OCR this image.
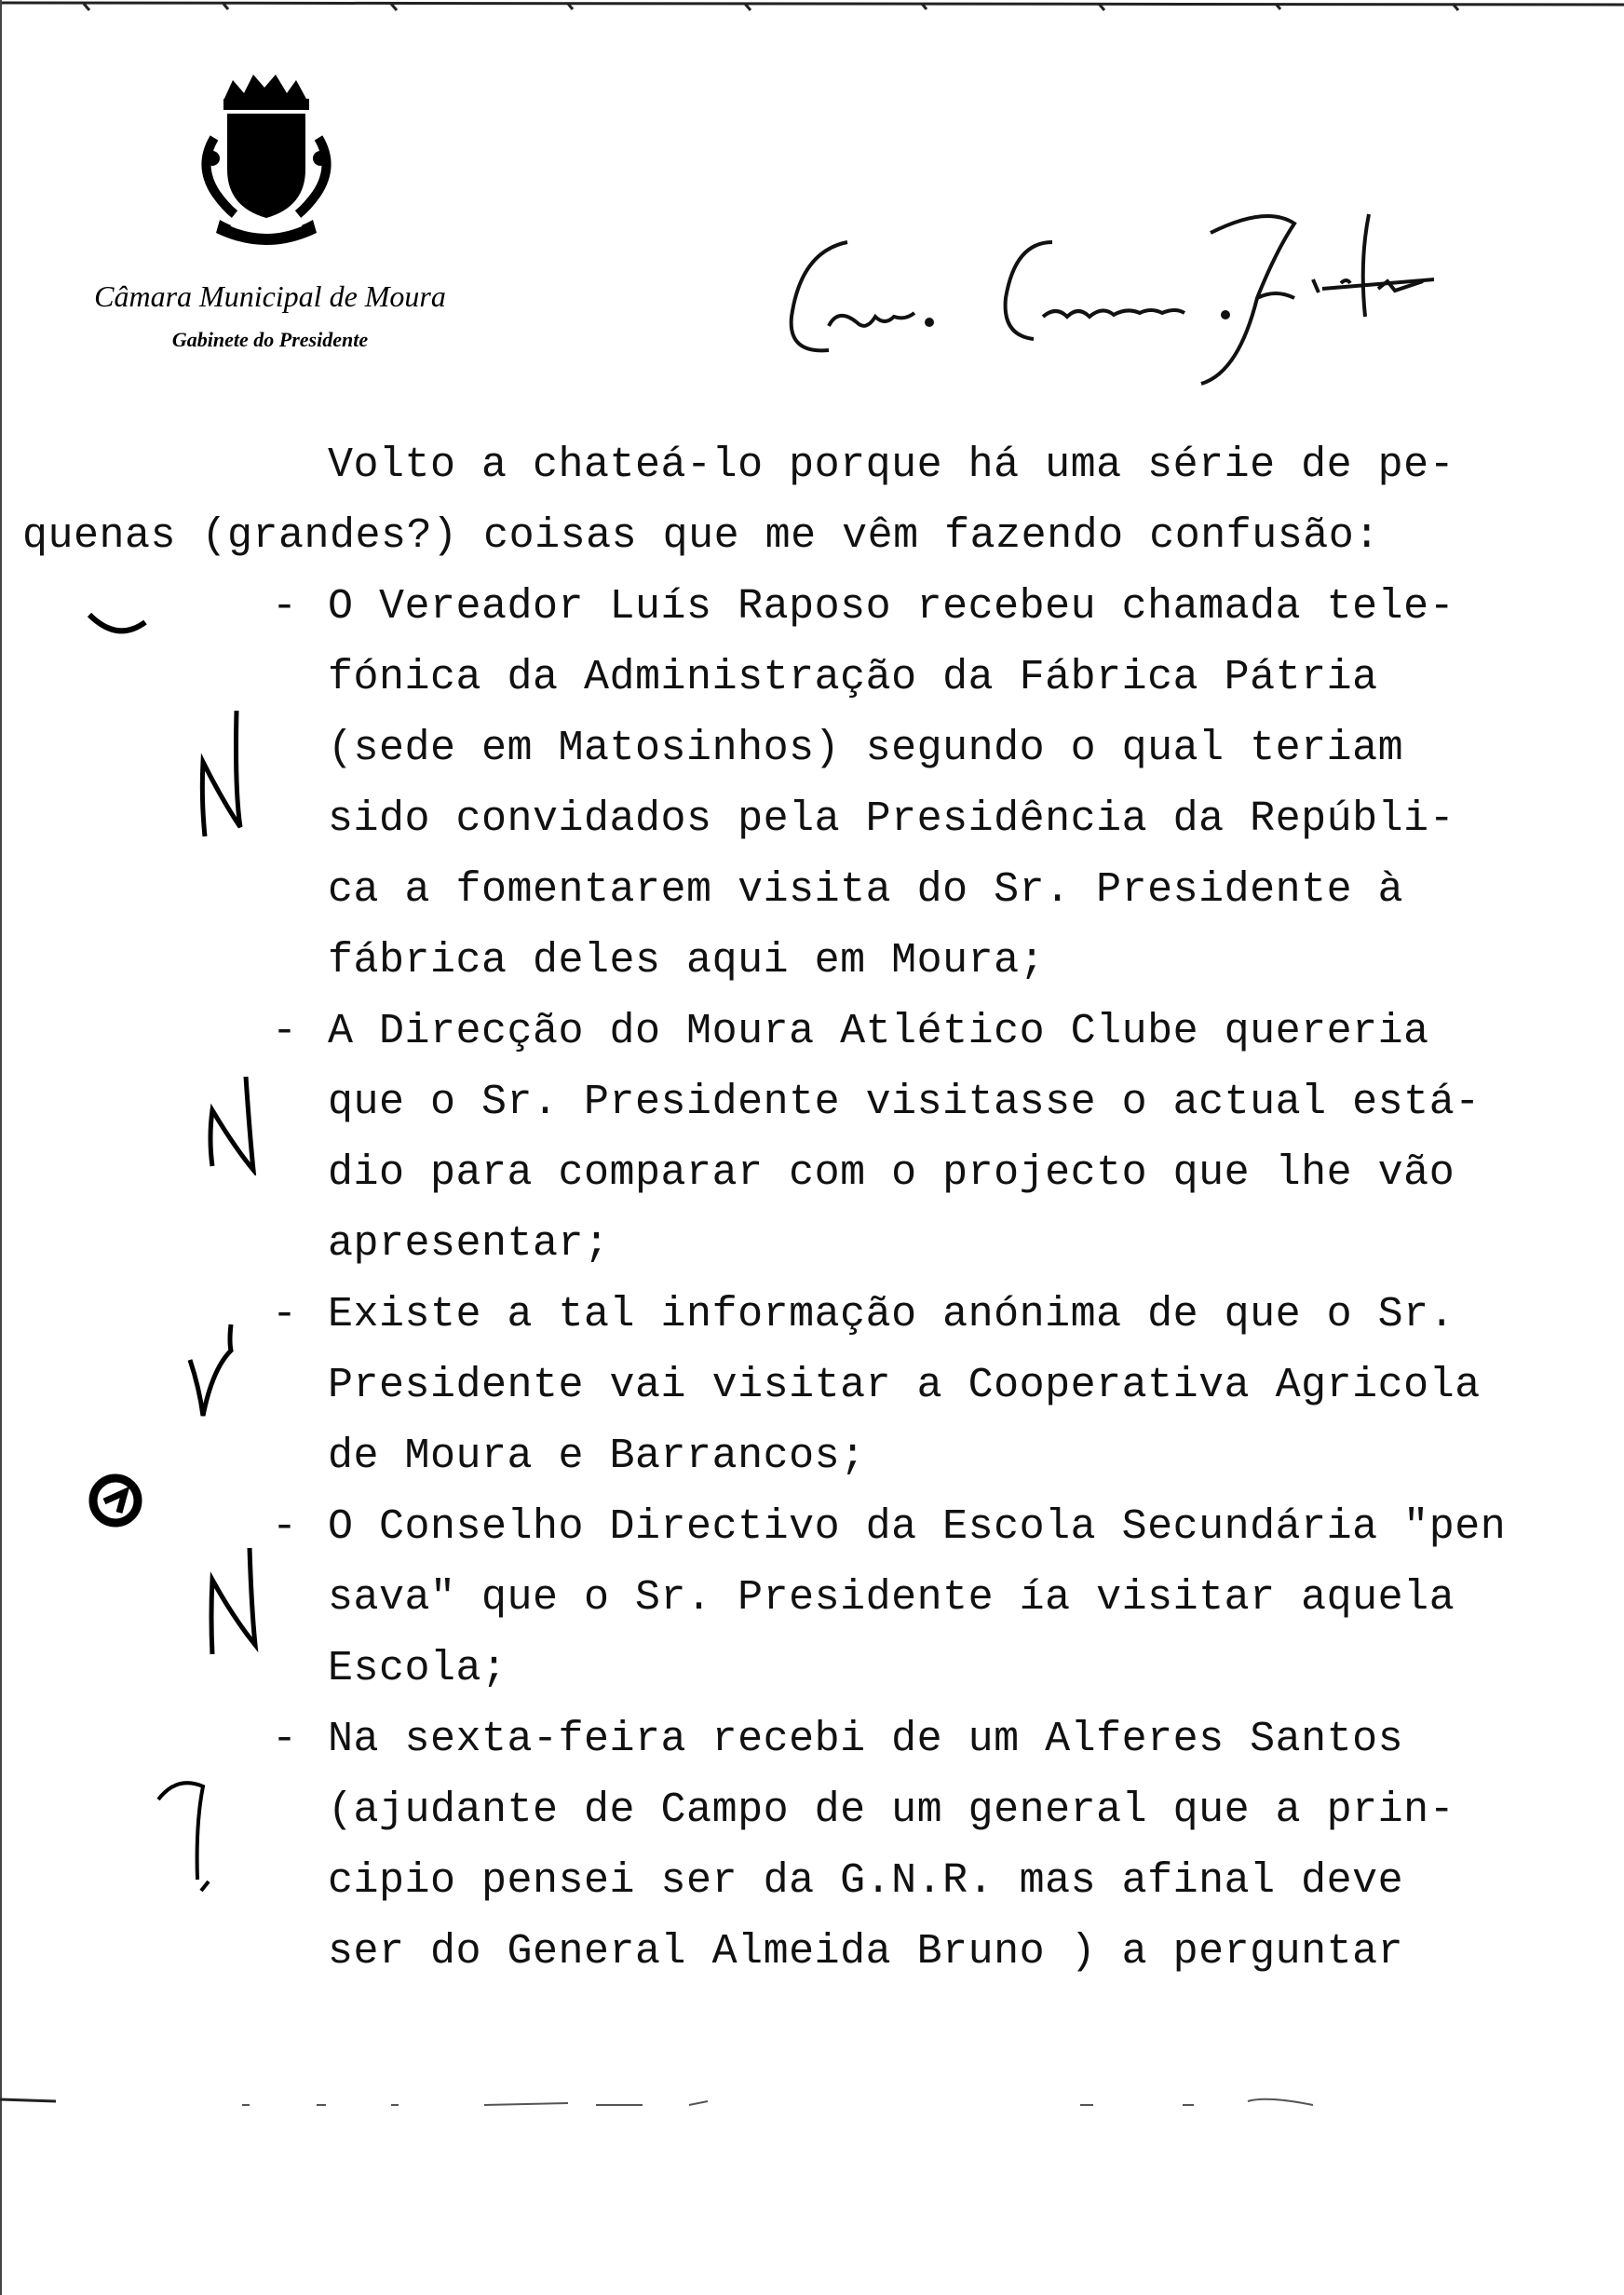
Câmara Municipal de Moura
Gabinete do Presidente
Volto a chateá-lo porque há uma série de pe-
quenas (grandes?) coisas que me vêm fazendo confusão:
- O Vereador Luís Raposo recebeu chamada tele-
fónica da Administração da Fábrica Pátria
(sede em Matosinhos) segundo o qual teriam
sido convidados pela Presidência da Repúbli-
ca a fomentarem visita do Sr. Presidente à
fábrica deles aqui em Moura;
- A Direcção do Moura Atlético Clube quereria
que o Sr. Presidente visitasse o actual está-
dio para comparar com o projecto que lhe vão
apresentar;
- Existe a tal informação anónima de que o Sr.
Presidente vai visitar a Cooperativa Agricola
de Moura e Barrancos;
- O Conselho Directivo da Escola Secundária "pen
sava" que o Sr. Presidente ía visitar aquela
Escola;
- Na sexta-feira recebi de um Alferes Santos
(ajudante de Campo de um general que a prin-
cipio pensei ser da G.N.R. mas afinal deve
ser do General Almeida Bruno ) a perguntar
